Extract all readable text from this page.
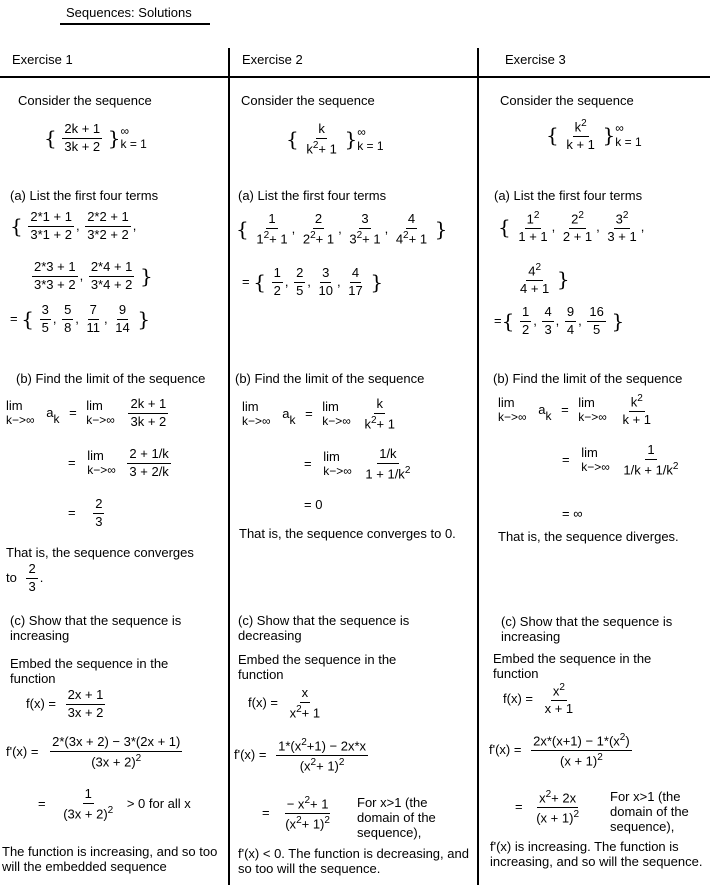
Sequences: Solutions
Exercise 1	Exercise 2	Exercise 3
Consider the sequence
{ $\frac{2k + 1}{3k + 2}$ } ∞
k = 1
(a) List the first four terms
{ $\frac{2*1 + 1}{3*1 + 2}$ , $\frac{2*2 + 1}{3*2 + 2}$ ,
$\frac{2*3 + 1}{3*3 + 2}$ , $\frac{2*4 + 1}{3*4 + 2}$ }
= { $\frac{3}{5}$ , $\frac{5}{8}$ , $\frac{7}{11}$ , $\frac{9}{14}$ }
(b) Find the limit of the sequence
lim
k−>∞
ak = lim
k−>∞
$\frac{2k + 1}{3k + 2}$
= lim
k−>∞
$\frac{2 + 1/k}{3 + 2/k}$
= $\frac{2}{3}$
That is, the sequence converges
to $\frac{2}{3}$ .
(c) Show that the sequence is increasing
Embed the sequence in the function
$f(x) = \frac{2x + 1}{3x + 2}$
$f'(x) = \frac{2*(3x + 2) - 3*(2x + 1)}{(3x + 2)^2}$
= $\frac{1}{(3x + 2)^2} > 0$ for all x
The function is increasing, and so too will the embedded sequence
Consider the sequence
{ $\frac{k}{k^2+ 1}$ } ∞
k = 1
(a) List the first four terms
{ $\frac{1}{1^2+ 1}$ , $\frac{2}{2^2+ 1}$ , $\frac{3}{3^2+ 1}$ , $\frac{4}{4^2+ 1}$ }
= { $\frac{1}{2}$ , $\frac{2}{5}$ , $\frac{3}{10}$ , $\frac{4}{17}$ }
(b) Find the limit of the sequence
lim
k−>∞
ak = lim
k−>∞
$\frac{k}{k^2+ 1}$
= lim
k−>∞
$\frac{1/k}{1 + 1/k^2}$
= 0
That is, the sequence converges to 0.
(c) Show that the sequence is decreasing
Embed the sequence in the function
$f(x) = \frac{x}{x^2+ 1}$
$f'(x) = \frac{1*(x^2+1) - 2x*x}{(x^2+ 1)^2}$
= $\frac{- x^2+ 1}{(x^2+ 1)^2}$ For x>1 (the domain of the sequence),
f'(x) < 0. The function is decreasing, and so too will the sequence.
Consider the sequence
{ $\frac{k^2}{k + 1}$ } ∞
k = 1
(a) List the first four terms
{ $\frac{1^2}{1 + 1}$ , $\frac{2^2}{2 + 1}$ , $\frac{3^2}{3 + 1}$ ,
$\frac{4^2}{4 + 1}$ }
={ $\frac{1}{2}$ , $\frac{4}{3}$ , $\frac{9}{4}$ , $\frac{16}{5}$ }
(b) Find the limit of the sequence
lim
k−>∞
ak = lim
k−>∞
$\frac{k^2}{k + 1}$
= lim
k−>∞
$\frac{1}{1/k + 1/k^2}$
= ∞
That is, the sequence diverges.
(c) Show that the sequence is increasing
Embed the sequence in the function
$f(x) = \frac{x^2}{x + 1}$
$f'(x) = \frac{2x*(x+1) - 1*(x^2)}{(x + 1)^2}$
= $\frac{x^2+ 2x}{(x + 1)^2}$ For x>1 (the domain of the sequence),
f'(x) is increasing. The function is increasing, and so will the sequence.
